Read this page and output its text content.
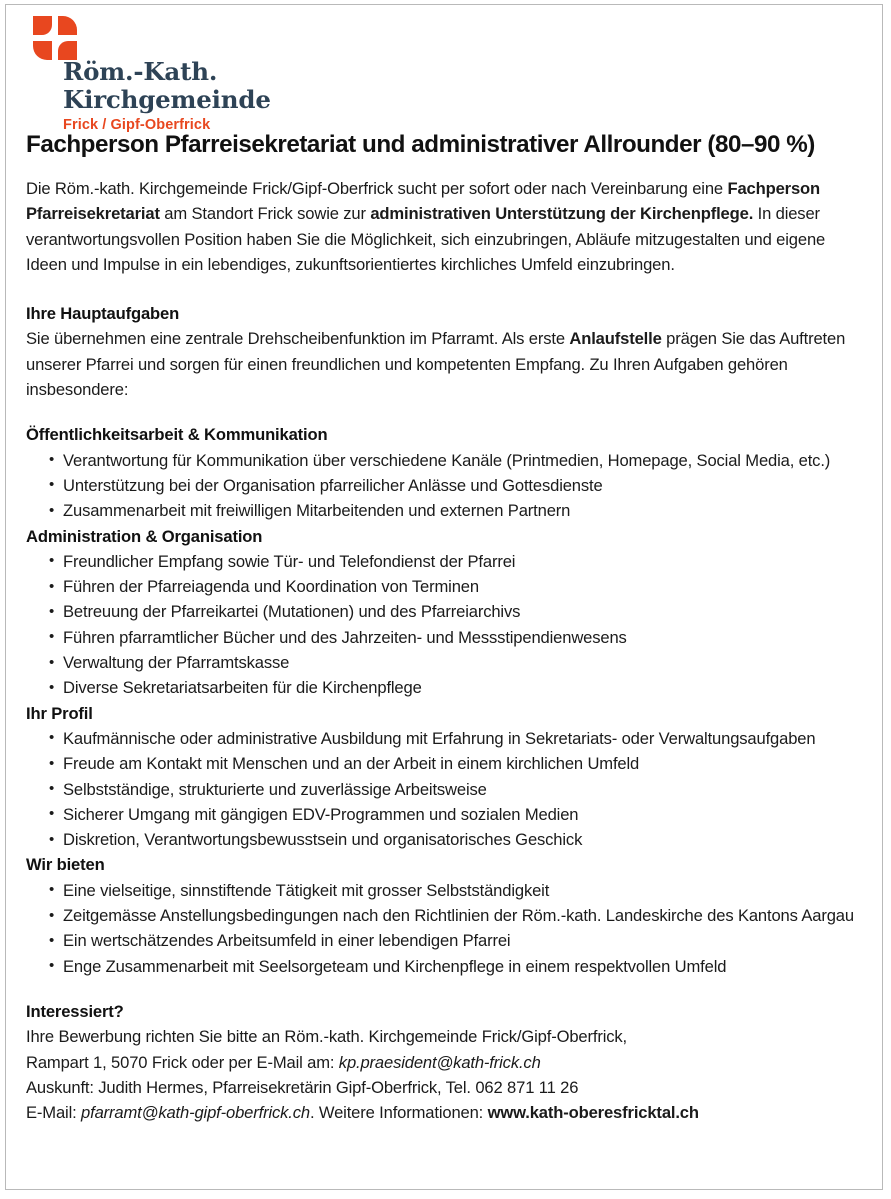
Röm.-Kath.
Kirchgemeinde
Frick / Gipf-Oberfrick
Fachperson Pfarreisekretariat und administrativer Allrounder (80–90 %)

Die Röm.-kath. Kirchgemeinde Frick/Gipf-Oberfrick sucht per sofort oder nach Vereinbarung eine Fachperson Pfarreisekretariat am Standort Frick sowie zur administrativen Unterstützung der Kirchenpflege. In dieser verantwortungsvollen Position haben Sie die Möglichkeit, sich einzubringen, Abläufe mitzugestalten und eigene Ideen und Impulse in ein lebendiges, zukunftsorientiertes kirchliches Umfeld einzubringen.

Ihre Hauptaufgaben

Sie übernehmen eine zentrale Drehscheibenfunktion im Pfarramt. Als erste Anlaufstelle prägen Sie das Auftreten unserer Pfarrei und sorgen für einen freundlichen und kompetenten Empfang. Zu Ihren Aufgaben gehören insbesondere:

Öffentlichkeitsarbeit & Kommunikation
• Verantwortung für Kommunikation über verschiedene Kanäle (Printmedien, Homepage, Social Media, etc.)
• Unterstützung bei der Organisation pfarreilicher Anlässe und Gottesdienste
• Zusammenarbeit mit freiwilligen Mitarbeitenden und externen Partnern
Administration & Organisation
• Freundlicher Empfang sowie Tür- und Telefondienst der Pfarrei
• Führen der Pfarreiagenda und Koordination von Terminen
• Betreuung der Pfarreikartei (Mutationen) und des Pfarreiarchivs
• Führen pfarramtlicher Bücher und des Jahrzeiten- und Messstipendienwesens
• Verwaltung der Pfarramtskasse
• Diverse Sekretariatsarbeiten für die Kirchenpflege
Ihr Profil
• Kaufmännische oder administrative Ausbildung mit Erfahrung in Sekretariats- oder Verwaltungsaufgaben
• Freude am Kontakt mit Menschen und an der Arbeit in einem kirchlichen Umfeld
• Selbstständige, strukturierte und zuverlässige Arbeitsweise
• Sicherer Umgang mit gängigen EDV-Programmen und sozialen Medien
• Diskretion, Verantwortungsbewusstsein und organisatorisches Geschick
Wir bieten
• Eine vielseitige, sinnstiftende Tätigkeit mit grosser Selbstständigkeit
• Zeitgemässe Anstellungsbedingungen nach den Richtlinien der Röm.-kath. Landeskirche des Kantons Aargau
• Ein wertschätzendes Arbeitsumfeld in einer lebendigen Pfarrei
• Enge Zusammenarbeit mit Seelsorgeteam und Kirchenpflege in einem respektvollen Umfeld
Interessiert?
Ihre Bewerbung richten Sie bitte an Röm.-kath. Kirchgemeinde Frick/Gipf-Oberfrick,
Rampart 1, 5070 Frick oder per E-Mail am: kp.praesident@kath-frick.ch
Auskunft: Judith Hermes, Pfarreisekretärin Gipf-Oberfrick, Tel. 062 871 11 26
E-Mail: pfarramt@kath-gipf-oberfrick.ch. Weitere Informationen: www.kath-oberesfricktal.ch
